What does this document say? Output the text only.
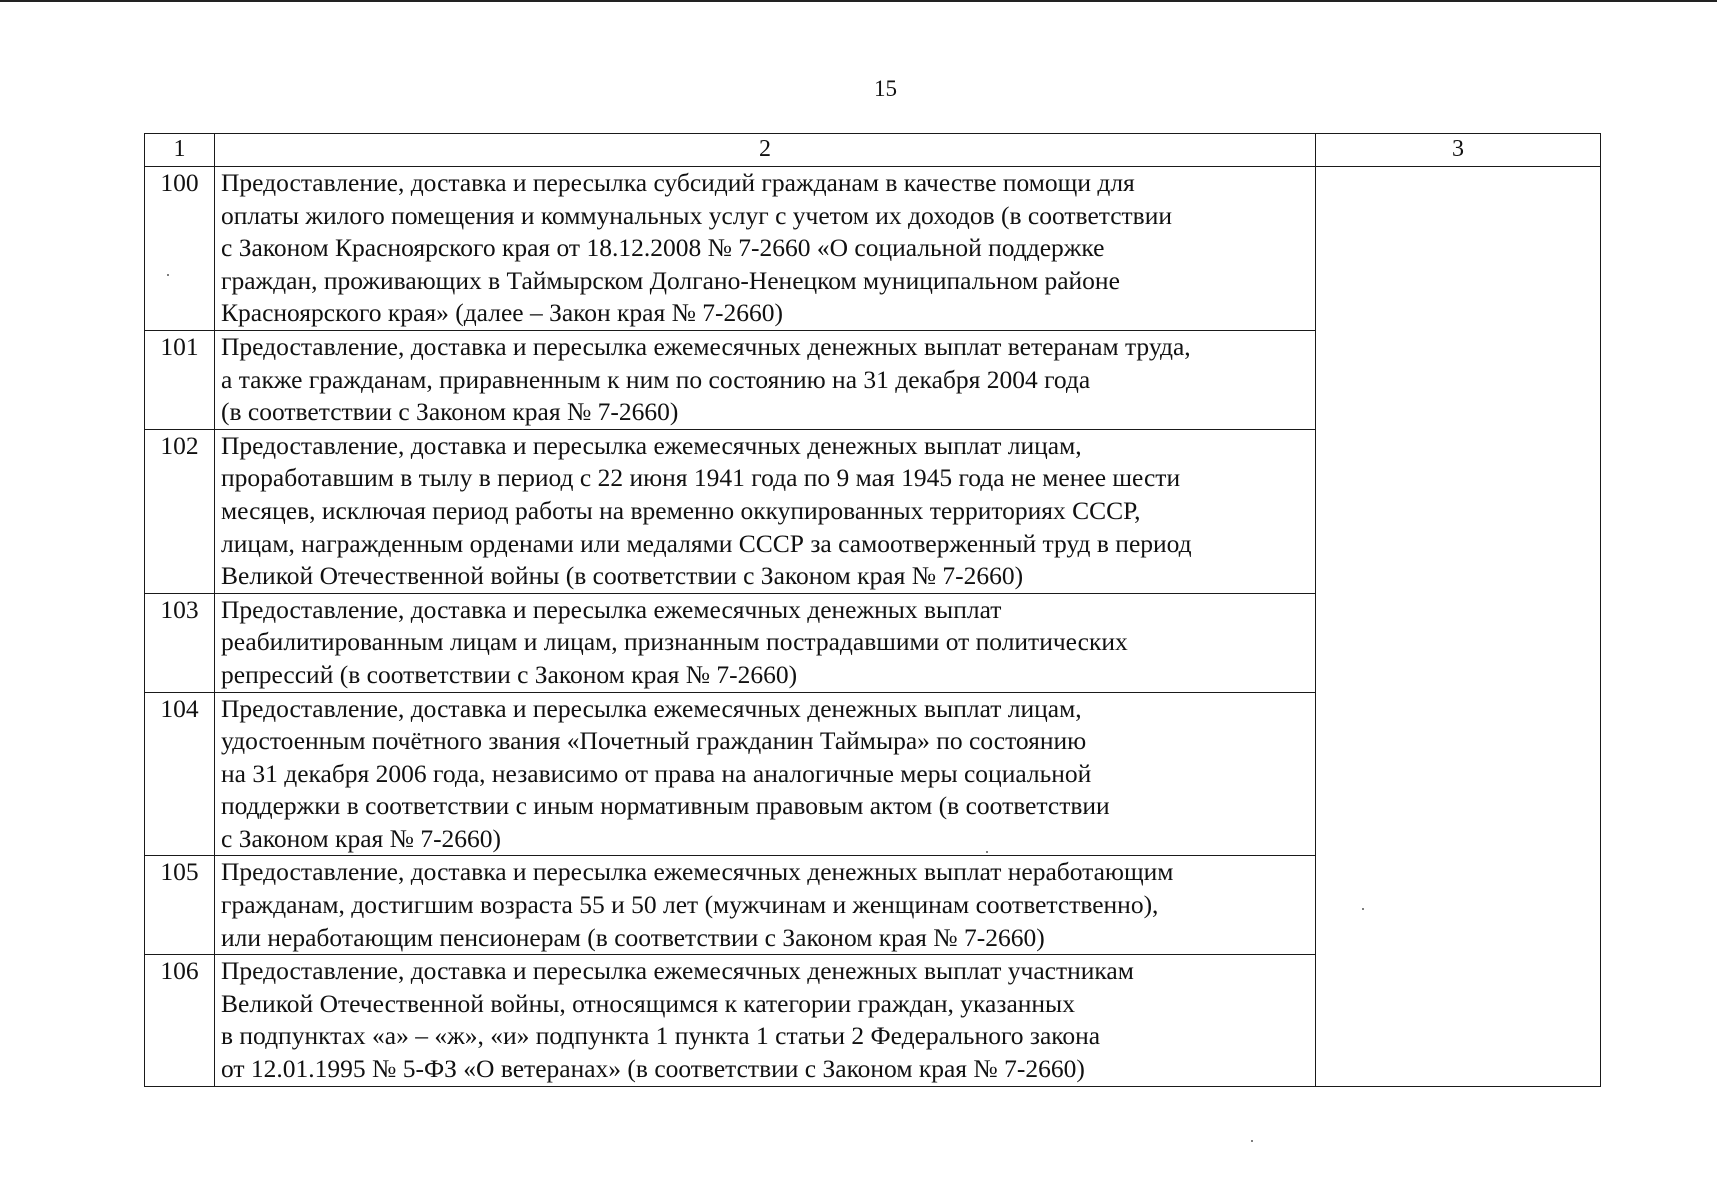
15
1	2	3
100	Предоставление, доставка и пересылка субсидий гражданам в качестве помощи для
оплаты жилого помещения и коммунальных услуг с учетом их доходов (в соответствии
с Законом Красноярского края от 18.12.2008 № 7-2660 «О социальной поддержке
граждан, проживающих в Таймырском Долгано-Ненецком муниципальном районе
Красноярского края» (далее – Закон края № 7-2660)	

101	Предоставление, доставка и пересылка ежемесячных денежных выплат ветеранам труда,
а также гражданам, приравненным к ним по состоянию на 31 декабря 2004 года
(в соответствии с Законом края № 7-2660)	

102	Предоставление, доставка и пересылка ежемесячных денежных выплат лицам,
проработавшим в тылу в период с 22 июня 1941 года по 9 мая 1945 года не менее шести
месяцев, исключая период работы на временно оккупированных территориях СССР,
лицам, награжденным орденами или медалями СССР за самоотверженный труд в период
Великой Отечественной войны (в соответствии с Законом края № 7-2660)	

103	Предоставление, доставка и пересылка ежемесячных денежных выплат
реабилитированным лицам и лицам, признанным пострадавшими от политических
репрессий (в соответствии с Законом края № 7-2660)	

104	Предоставление, доставка и пересылка ежемесячных денежных выплат лицам,
удостоенным почётного звания «Почетный гражданин Таймыра» по состоянию
на 31 декабря 2006 года, независимо от права на аналогичные меры социальной
поддержки в соответствии с иным нормативным правовым актом (в соответствии
с Законом края № 7-2660)	

105	Предоставление, доставка и пересылка ежемесячных денежных выплат неработающим
гражданам, достигшим возраста 55 и 50 лет (мужчинам и женщинам соответственно),
или неработающим пенсионерам (в соответствии с Законом края № 7-2660)	

106	Предоставление, доставка и пересылка ежемесячных денежных выплат участникам
Великой Отечественной войны, относящимся к категории граждан, указанных
в подпунктах «а» – «ж», «и» подпункта 1 пункта 1 статьи 2 Федерального закона
от 12.01.1995 № 5-ФЗ «О ветеранах» (в соответствии с Законом края № 7-2660)	
